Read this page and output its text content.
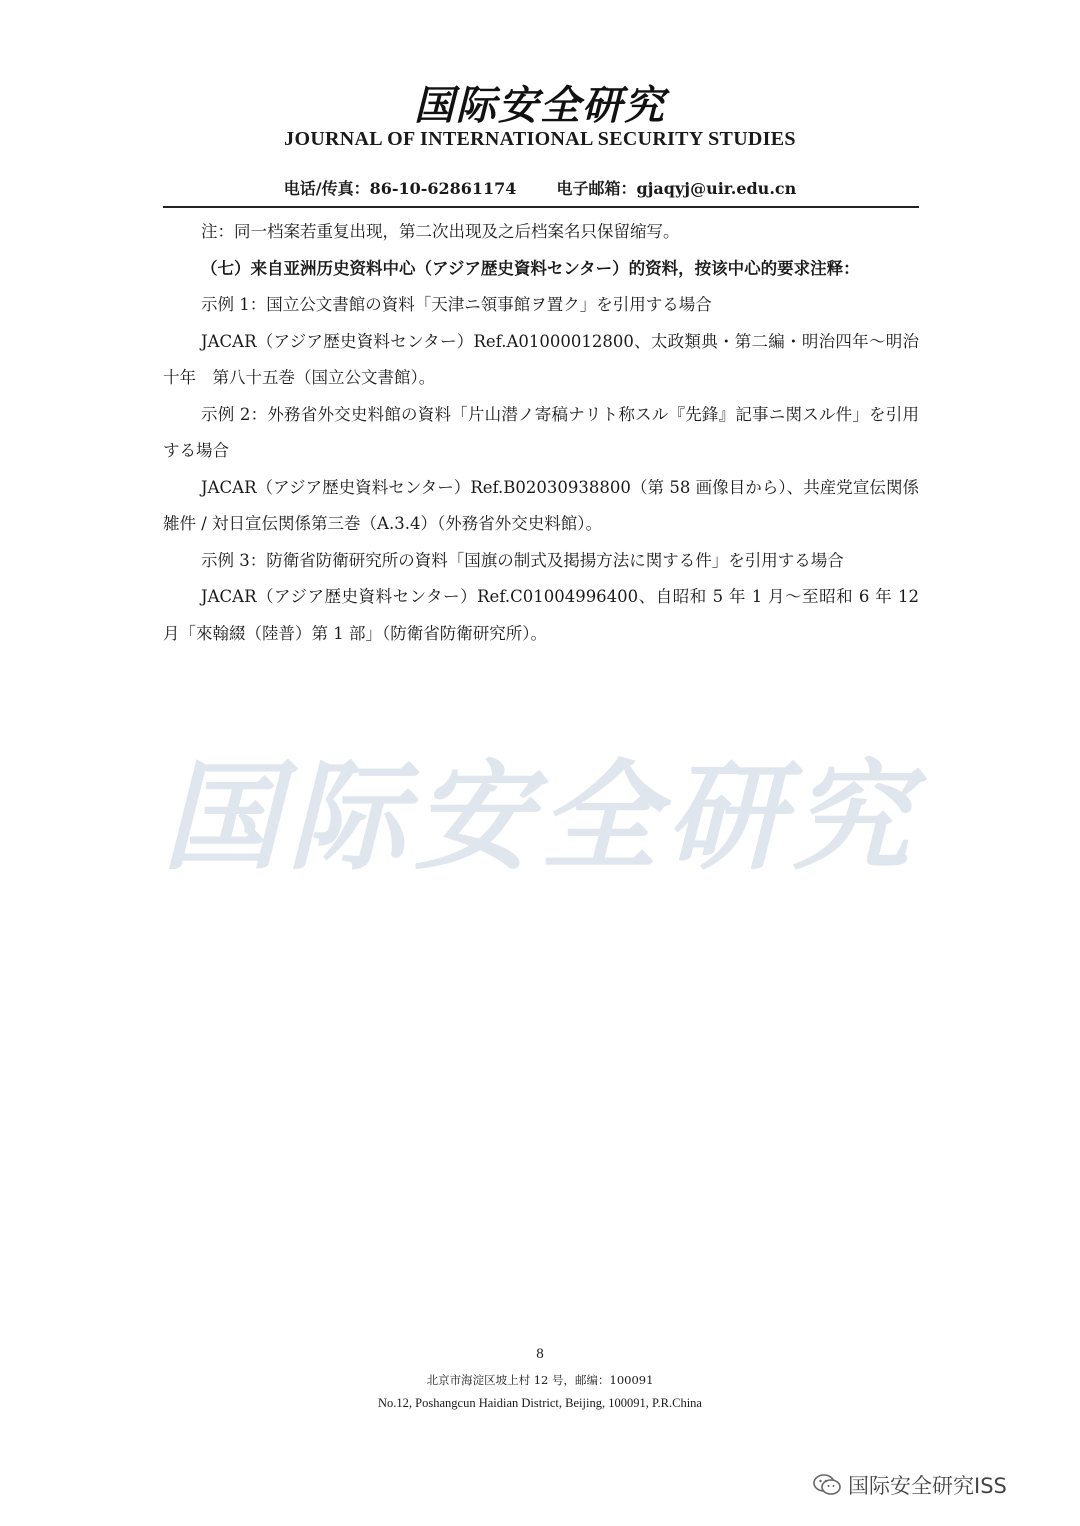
国际安全研究
JOURNAL OF INTERNATIONAL SECURITY STUDIES
电话/传真：86-10-62861174	电子邮箱：gjaqyj@uir.edu.cn
国际安全研究

注：同一档案若重复出现，第二次出现及之后档案名只保留缩写。

（七）来自亚洲历史资料中心（アジア歴史資料センター）的资料，按该中心的要求注释：

示例 1：国立公文書館の資料「天津ニ領事館ヲ置ク」を引用する場合

JACAR（アジア歴史資料センター）Ref.A01000012800、太政類典・第二編・明治四年～明治十年　第八十五巻（国立公文書館）。

示例 2：外務省外交史料館の資料「片山潜ノ寄稿ナリト称スル『先鋒』記事ニ関スル件」を引用する場合

JACAR（アジア歴史資料センター）Ref.B02030938800（第 58 画像目から）、共産党宣伝関係雑件 / 対日宣伝関係第三巻（A.3.4）（外務省外交史料館）。

示例 3：防衛省防衛研究所の資料「国旗の制式及掲揚方法に関する件」を引用する場合

JACAR（アジア歴史資料センター）Ref.C01004996400、自昭和 5 年 1 月～至昭和 6 年 12 月「來翰綴（陸普）第 1 部」（防衛省防衛研究所）。

8
北京市海淀区坡上村 12 号，邮编：100091
No.12, Poshangcun Haidian District, Beijing, 100091, P.R.China
国际安全研究ISS
